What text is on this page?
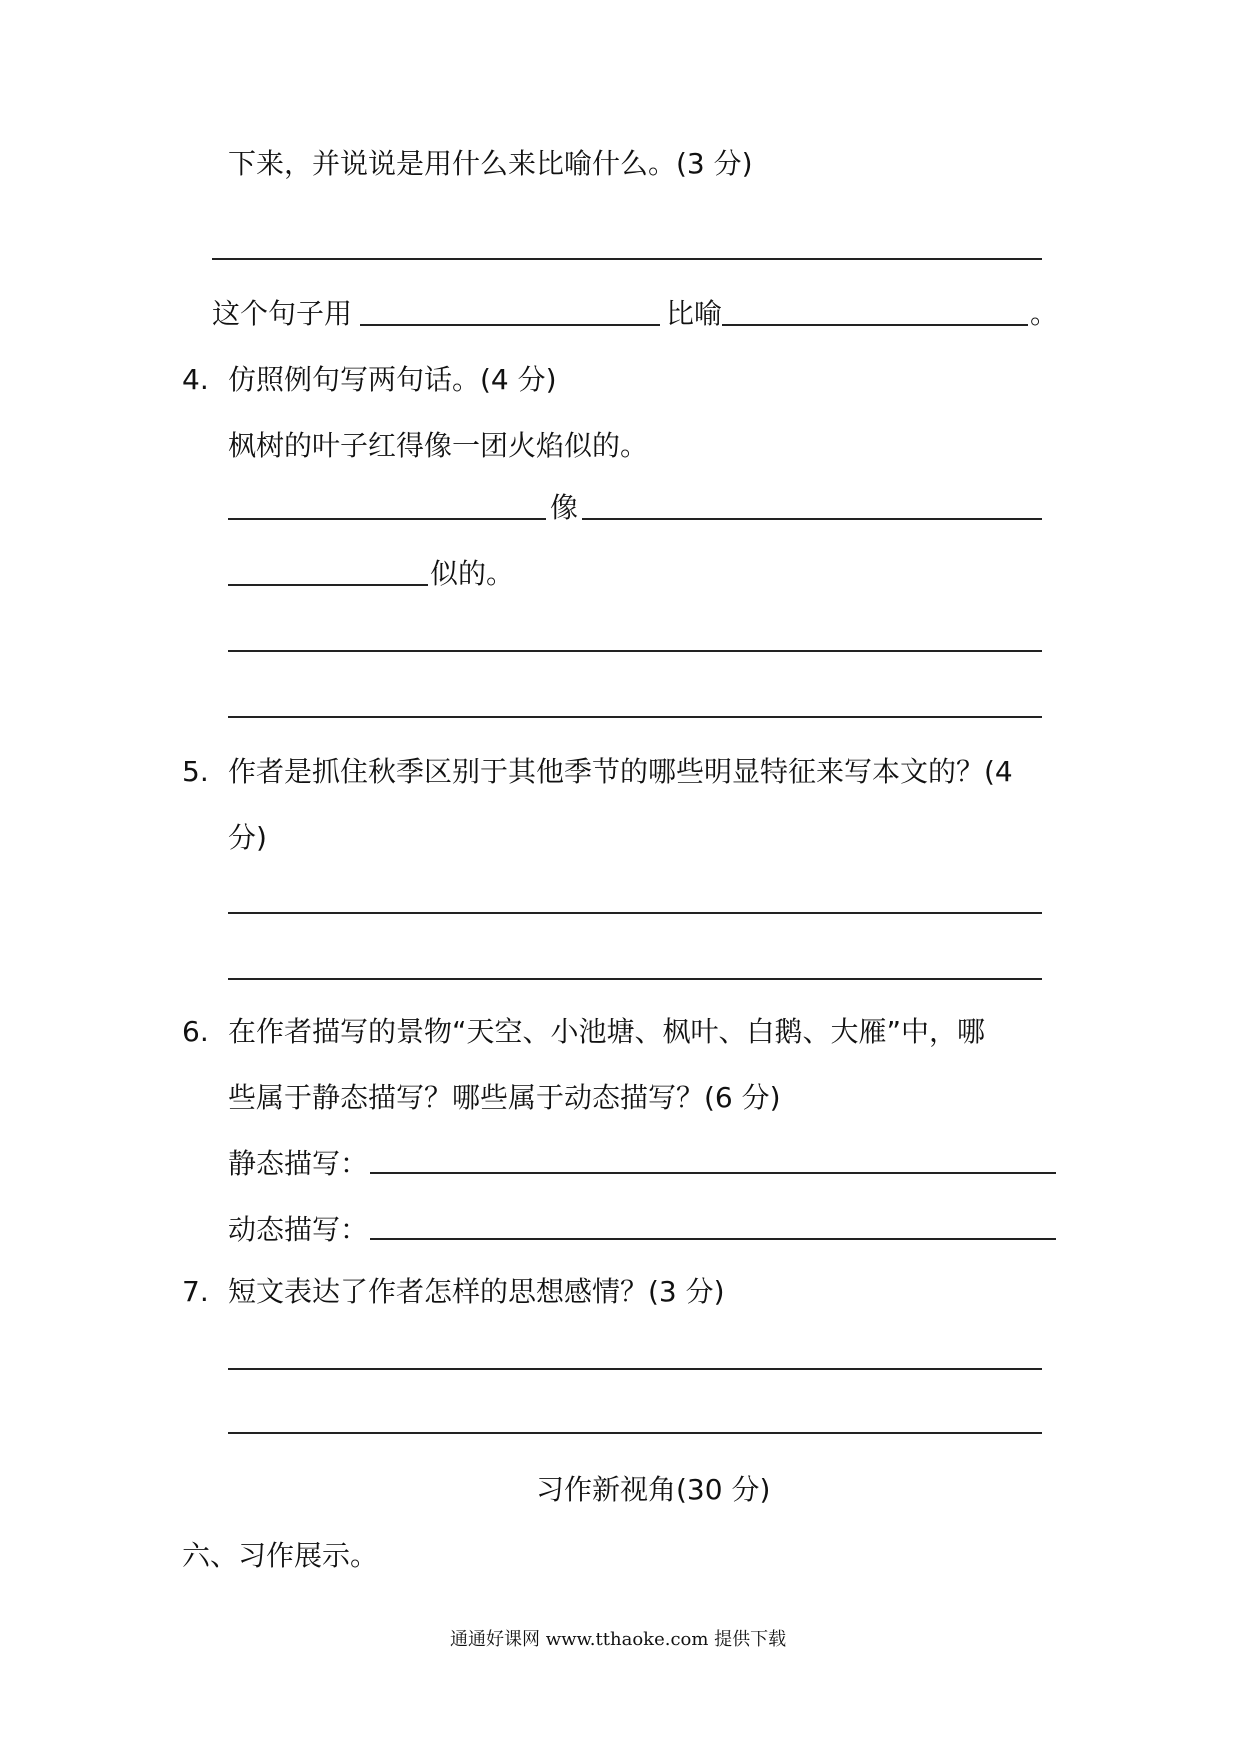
下来，并说说是用什么来比喻什么。(3 分)
这个句子用	比喻	。
4. 仿照例句写两句话。(4 分)
枫树的叶子红得像一团火焰似的。
像
似的。
5. 作者是抓住秋季区别于其他季节的哪些明显特征来写本文的？(4
分)
6. 在作者描写的景物“天空、小池塘、枫叶、白鹅、大雁”中，哪
些属于静态描写？哪些属于动态描写？(6 分)
静态描写：
动态描写：
7. 短文表达了作者怎样的思想感情？(3 分)
习作新视角(30 分)
六、习作展示。
通通好课网 www.tthaoke.com 提供下载
